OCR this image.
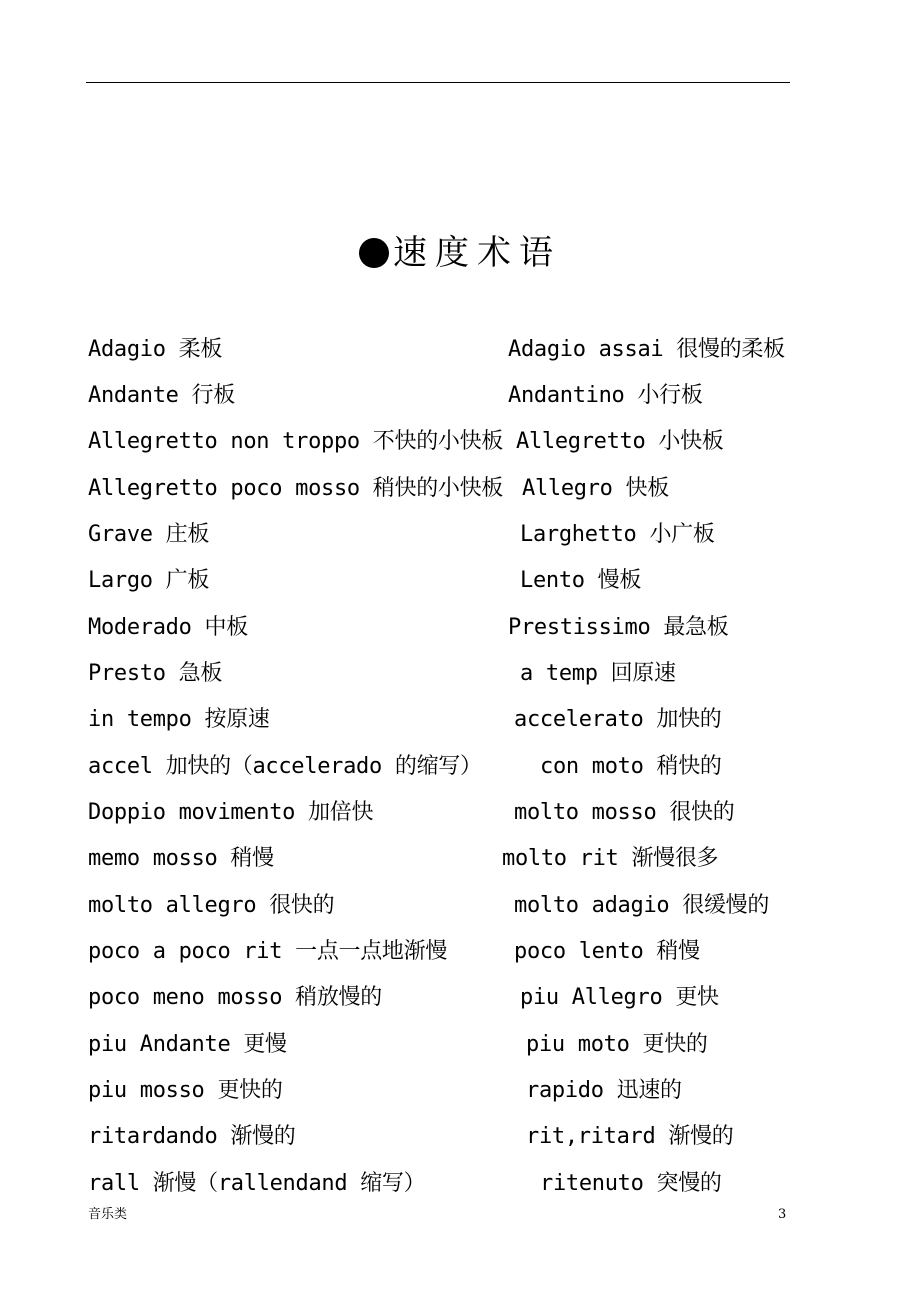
速度术语
Adagio 柔板	Adagio assai 很慢的柔板
Andante 行板	Andantino 小行板
Allegretto non troppo 不快的小快板 Allegretto 小快板
Allegretto poco mosso 稍快的小快板 Allegro 快板
Grave 庄板	Larghetto 小广板
Largo 广板	Lento 慢板
Moderado 中板	Prestissimo 最急板
Presto 急板	a temp 回原速
in tempo 按原速	accelerato 加快的
accel 加快的（accelerado 的缩写）	con moto 稍快的
Doppio movimento 加倍快	molto mosso 很快的
memo mosso 稍慢	molto rit 渐慢很多
molto allegro 很快的	molto adagio 很缓慢的
poco a poco rit 一点一点地渐慢	poco lento 稍慢
poco meno mosso 稍放慢的	piu Allegro 更快
piu Andante 更慢	piu moto 更快的
piu mosso 更快的	rapido 迅速的
ritardando 渐慢的	rit,ritard 渐慢的
rall 渐慢（rallendand 缩写）	ritenuto 突慢的
音乐类	3
